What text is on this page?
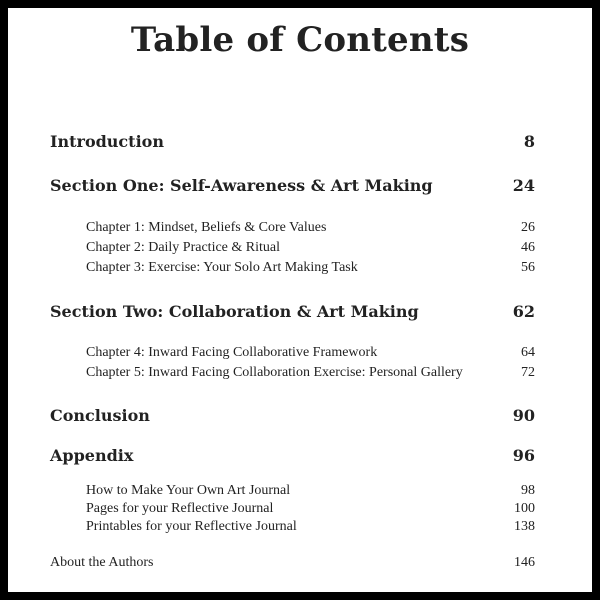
Table of Contents
Introduction	8
Section One: Self-Awareness & Art Making	24
Chapter 1: Mindset, Beliefs & Core Values	26
Chapter 2: Daily Practice & Ritual	46
Chapter 3: Exercise: Your Solo Art Making Task	56
Section Two: Collaboration & Art Making	62
Chapter 4: Inward Facing Collaborative Framework	64
Chapter 5: Inward Facing Collaboration Exercise: Personal Gallery	72
Conclusion	90
Appendix	96
How to Make Your Own Art Journal	98
Pages for your Reflective Journal	100
Printables for your Reflective Journal	138
About the Authors	146
